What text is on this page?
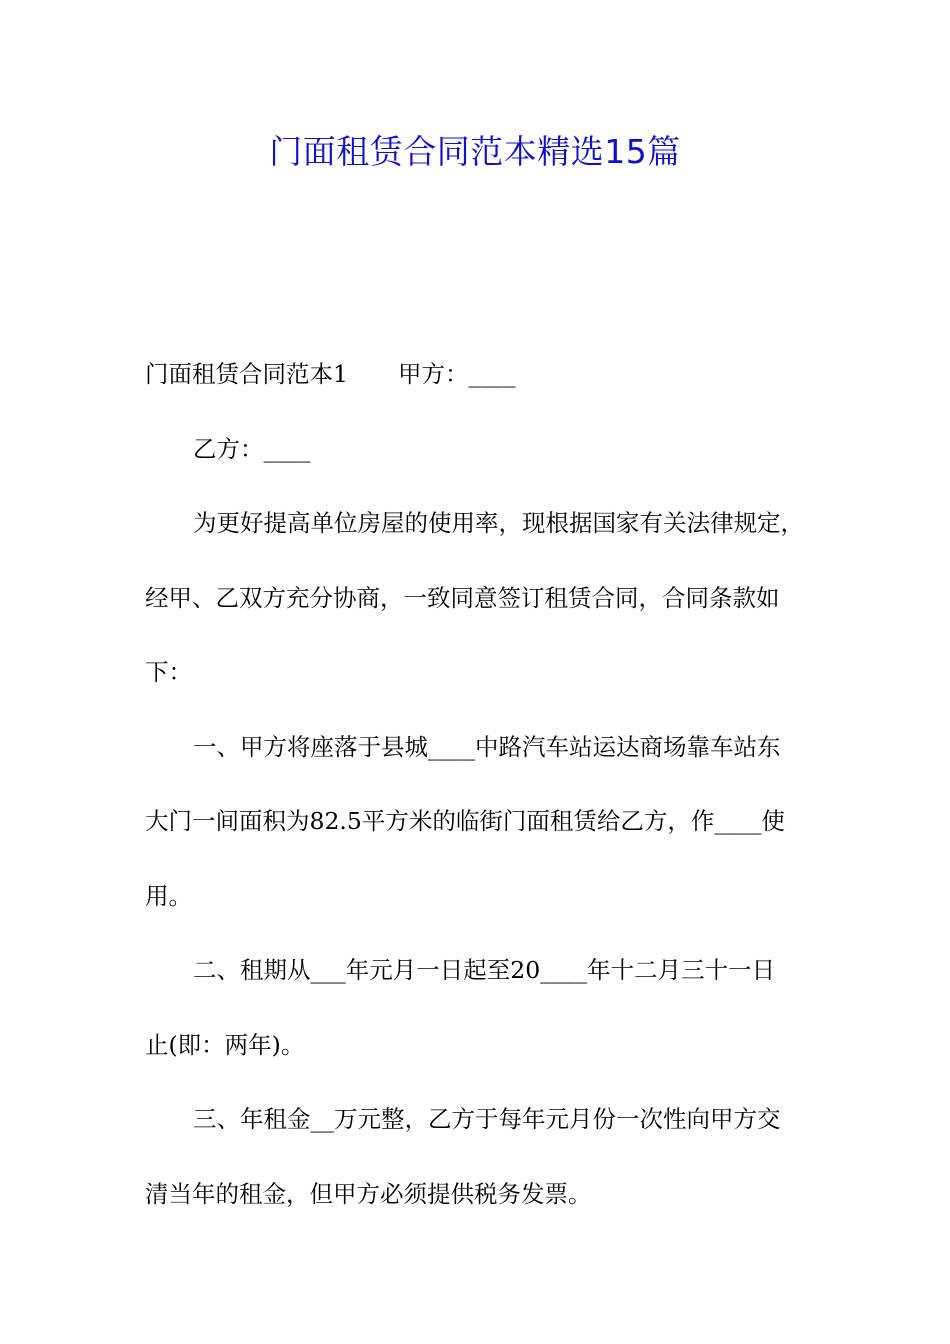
门面租赁合同范本精选15篇

门面租赁合同范本1 甲方：____

乙方：____

为更好提高单位房屋的使用率，现根据国家有关法律规定，

经甲、乙双方充分协商，一致同意签订租赁合同，合同条款如

下：

一、甲方将座落于县城____中路汽车站运达商场靠车站东

大门一间面积为82.5平方米的临街门面租赁给乙方，作____使

用。

二、租期从___年元月一日起至20____年十二月三十一日

止(即：两年)。

三、年租金__万元整，乙方于每年元月份一次性向甲方交

清当年的租金，但甲方必须提供税务发票。
